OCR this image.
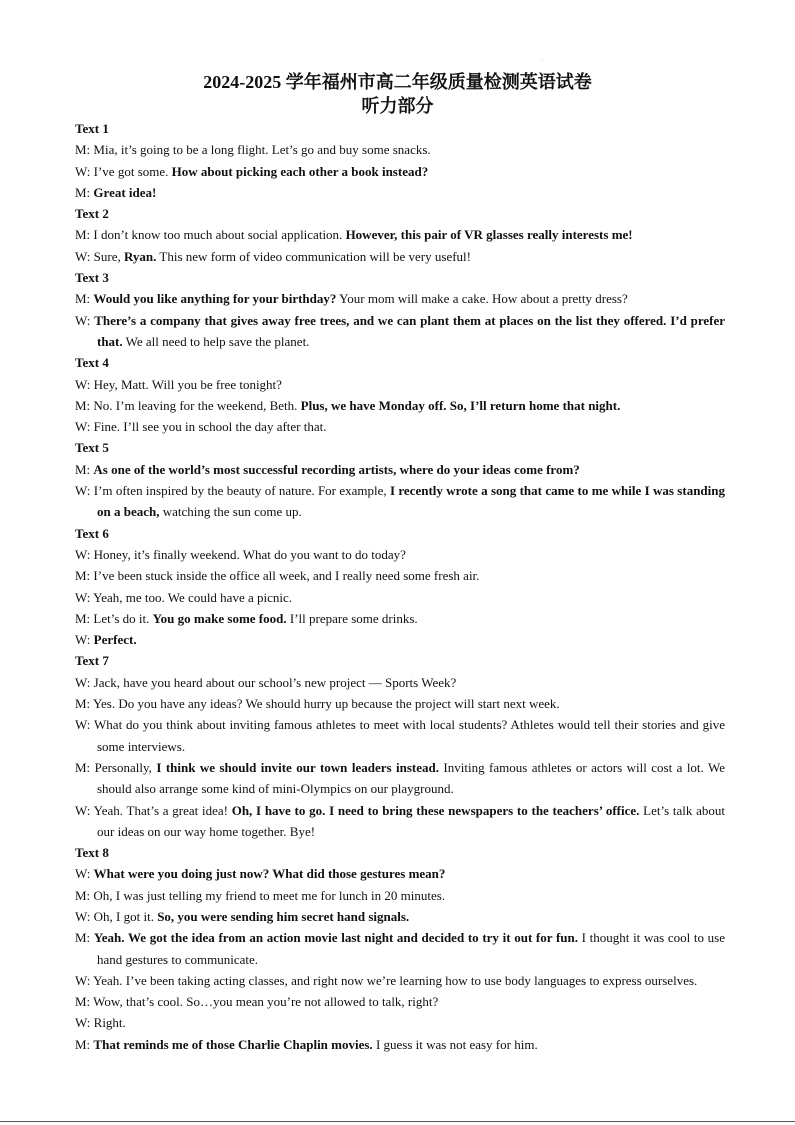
.
2024-2025 学年福州市高二年级质量检测英语试卷
听力部分
Text 1
M: Mia, it’s going to be a long flight. Let’s go and buy some snacks.
W: I’ve got some. How about picking each other a book instead?
M: Great idea!
Text 2
M: I don’t know too much about social application. However, this pair of VR glasses really interests me!
W: Sure, Ryan. This new form of video communication will be very useful!
Text 3
M: Would you like anything for your birthday? Your mom will make a cake. How about a pretty dress?
W: There’s a company that gives away free trees, and we can plant them at places on the list they offered. I’d prefer that. We all need to help save the planet.
Text 4
W: Hey, Matt. Will you be free tonight?
M: No. I’m leaving for the weekend, Beth. Plus, we have Monday off. So, I’ll return home that night.
W: Fine. I’ll see you in school the day after that.
Text 5
M: As one of the world’s most successful recording artists, where do your ideas come from?
W: I’m often inspired by the beauty of nature. For example, I recently wrote a song that came to me while I was standing on a beach, watching the sun come up.
Text 6
W: Honey, it’s finally weekend. What do you want to do today?
M: I’ve been stuck inside the office all week, and I really need some fresh air.
W: Yeah, me too. We could have a picnic.
M: Let’s do it. You go make some food. I’ll prepare some drinks.
W: Perfect.
Text 7
W: Jack, have you heard about our school’s new project — Sports Week?
M: Yes. Do you have any ideas? We should hurry up because the project will start next week.
W: What do you think about inviting famous athletes to meet with local students? Athletes would tell their stories and give some interviews.
M: Personally, I think we should invite our town leaders instead. Inviting famous athletes or actors will cost a lot. We should also arrange some kind of mini-Olympics on our playground.
W: Yeah. That’s a great idea! Oh, I have to go. I need to bring these newspapers to the teachers’ office. Let’s talk about our ideas on our way home together. Bye!
Text 8
W: What were you doing just now? What did those gestures mean?
M: Oh, I was just telling my friend to meet me for lunch in 20 minutes.
W: Oh, I got it. So, you were sending him secret hand signals.
M: Yeah. We got the idea from an action movie last night and decided to try it out for fun. I thought it was cool to use hand gestures to communicate.
W: Yeah. I’ve been taking acting classes, and right now we’re learning how to use body languages to express ourselves.
M: Wow, that’s cool. So…you mean you’re not allowed to talk, right?
W: Right.
M: That reminds me of those Charlie Chaplin movies. I guess it was not easy for him.
